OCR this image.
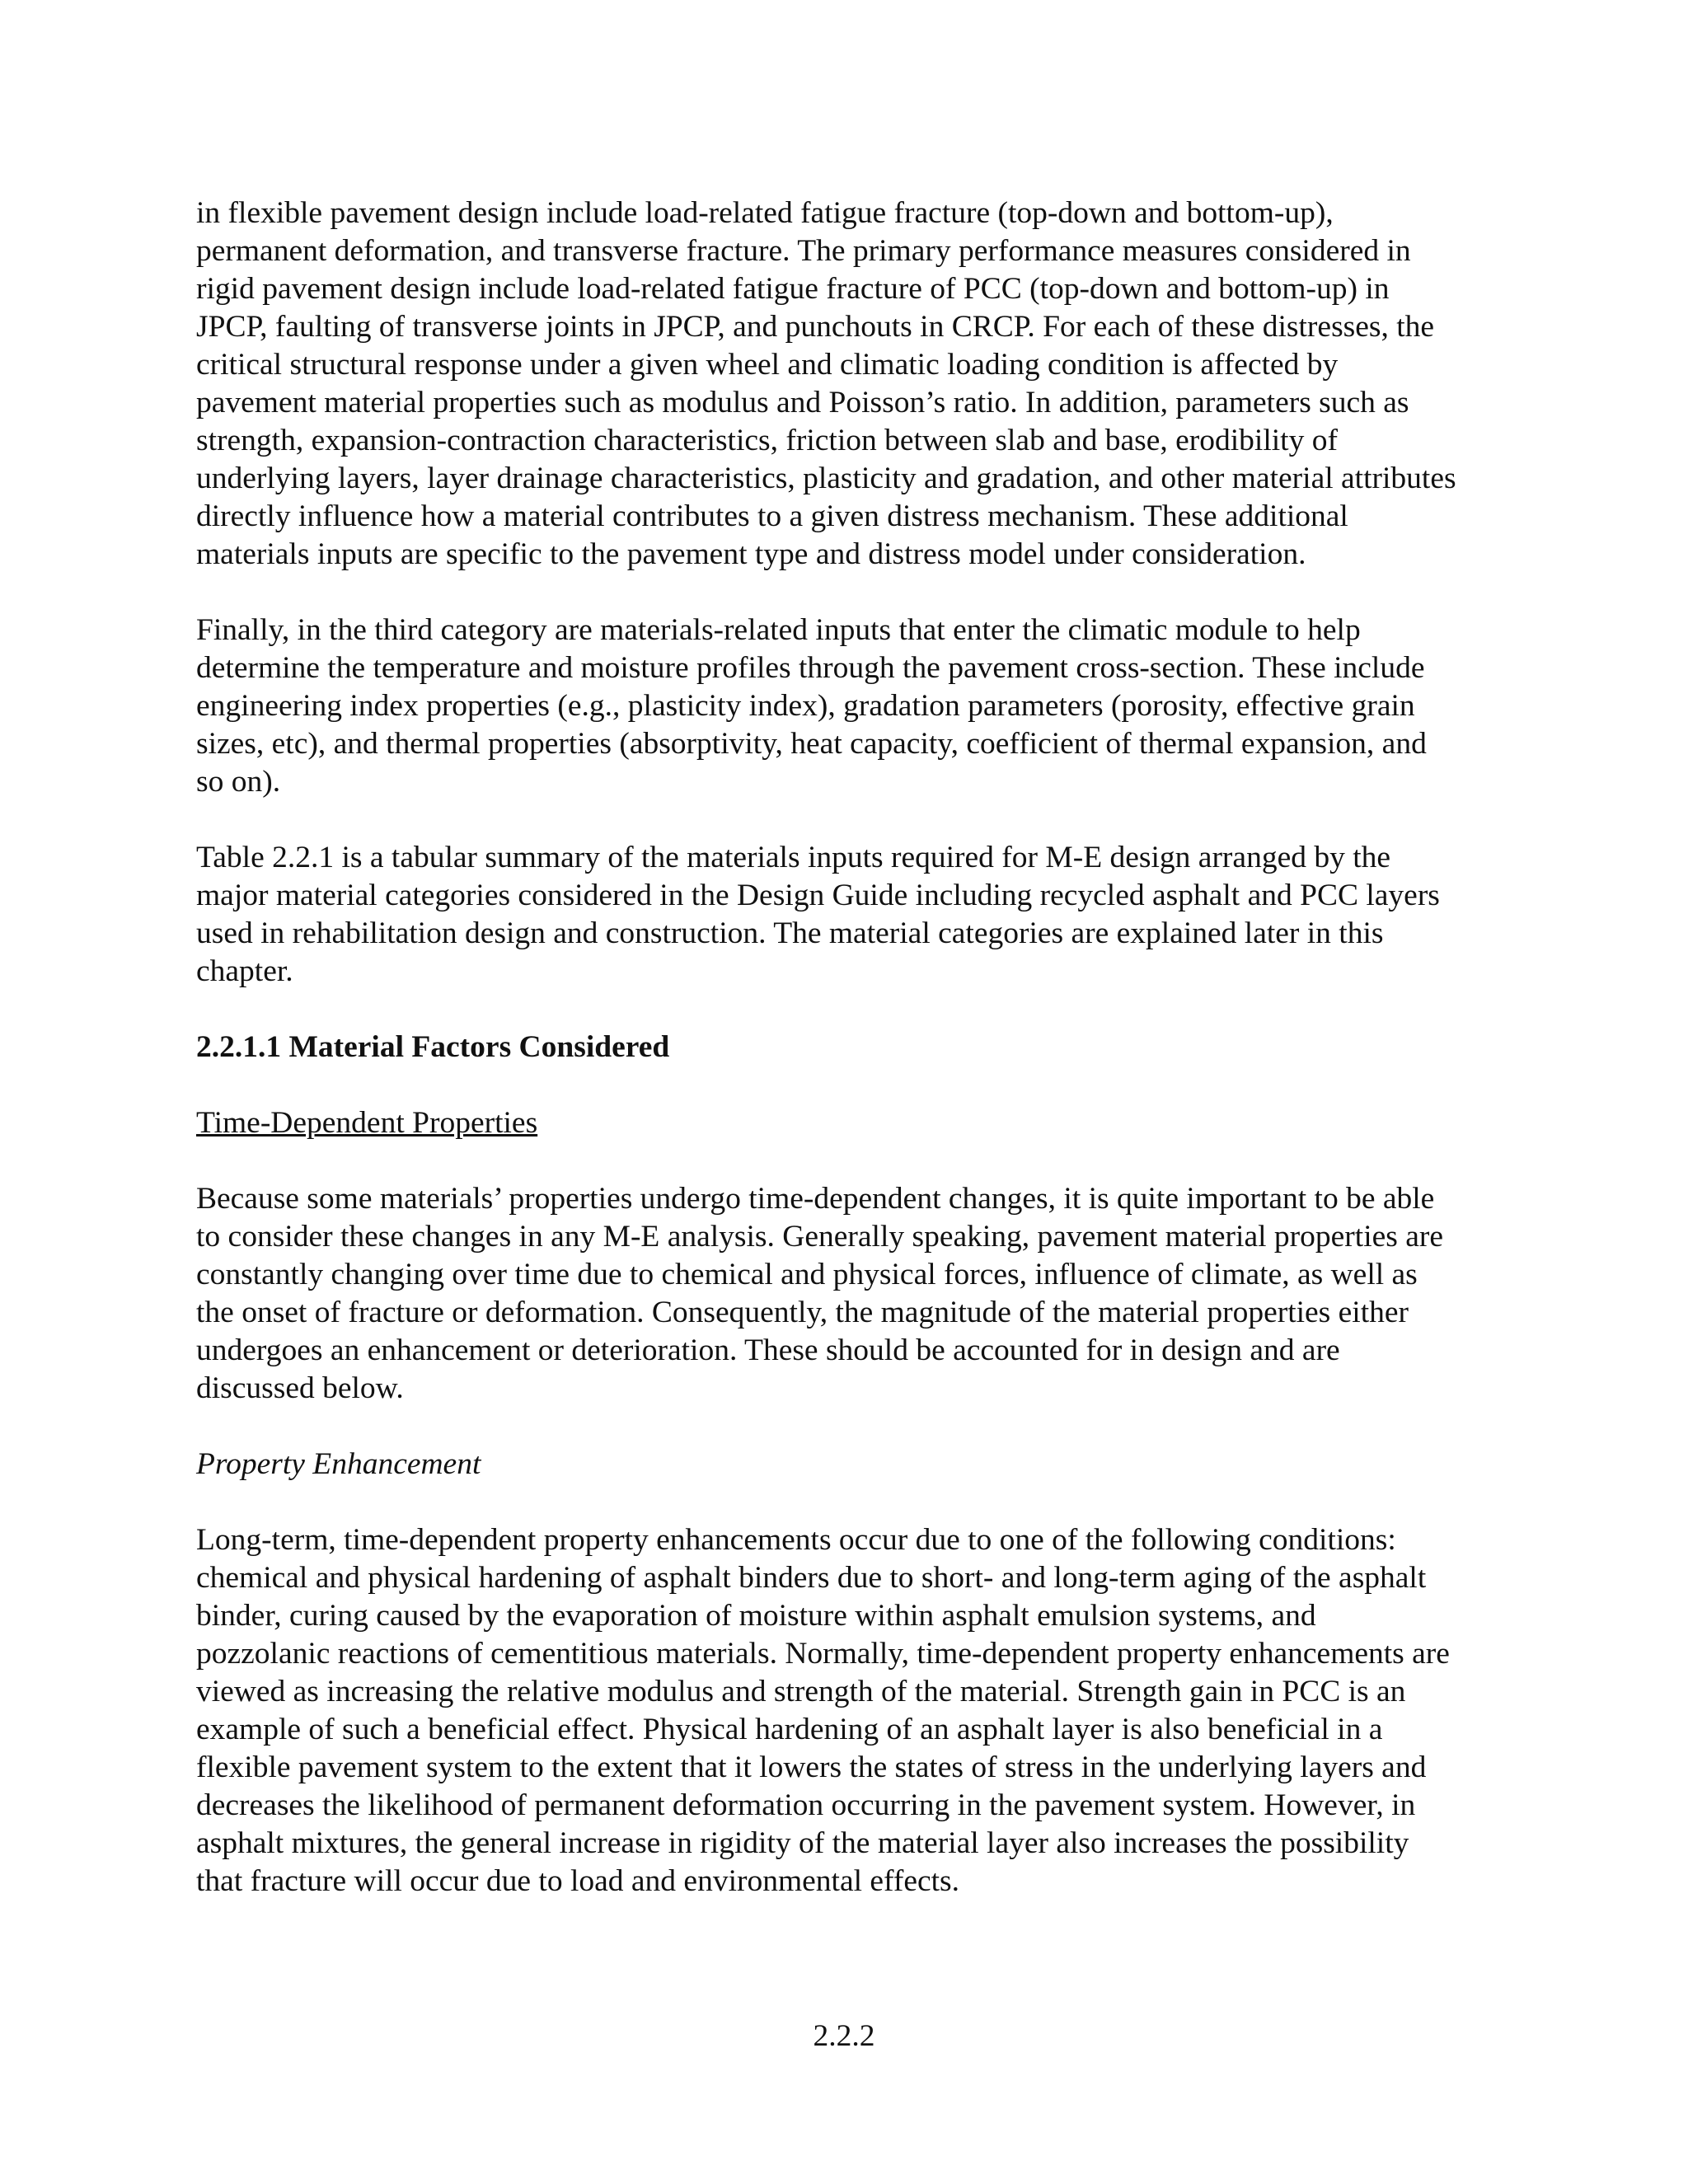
in flexible pavement design include load-related fatigue fracture (top-down and bottom-up),
permanent deformation, and transverse fracture. The primary performance measures considered in
rigid pavement design include load-related fatigue fracture of PCC (top-down and bottom-up) in
JPCP, faulting of transverse joints in JPCP, and punchouts in CRCP. For each of these distresses, the
critical structural response under a given wheel and climatic loading condition is affected by
pavement material properties such as modulus and Poisson’s ratio. In addition, parameters such as
strength, expansion-contraction characteristics, friction between slab and base, erodibility of
underlying layers, layer drainage characteristics, plasticity and gradation, and other material attributes
directly influence how a material contributes to a given distress mechanism. These additional
materials inputs are specific to the pavement type and distress model under consideration.

Finally, in the third category are materials-related inputs that enter the climatic module to help
determine the temperature and moisture profiles through the pavement cross-section. These include
engineering index properties (e.g., plasticity index), gradation parameters (porosity, effective grain
sizes, etc), and thermal properties (absorptivity, heat capacity, coefficient of thermal expansion, and
so on).

Table 2.2.1 is a tabular summary of the materials inputs required for M-E design arranged by the
major material categories considered in the Design Guide including recycled asphalt and PCC layers
used in rehabilitation design and construction. The material categories are explained later in this
chapter.

2.2.1.1 Material Factors Considered
Time-Dependent Properties

Because some materials’ properties undergo time-dependent changes, it is quite important to be able
to consider these changes in any M-E analysis. Generally speaking, pavement material properties are
constantly changing over time due to chemical and physical forces, influence of climate, as well as
the onset of fracture or deformation. Consequently, the magnitude of the material properties either
undergoes an enhancement or deterioration. These should be accounted for in design and are
discussed below.

Property Enhancement

Long-term, time-dependent property enhancements occur due to one of the following conditions:
chemical and physical hardening of asphalt binders due to short- and long-term aging of the asphalt
binder, curing caused by the evaporation of moisture within asphalt emulsion systems, and
pozzolanic reactions of cementitious materials. Normally, time-dependent property enhancements are
viewed as increasing the relative modulus and strength of the material. Strength gain in PCC is an
example of such a beneficial effect. Physical hardening of an asphalt layer is also beneficial in a
flexible pavement system to the extent that it lowers the states of stress in the underlying layers and
decreases the likelihood of permanent deformation occurring in the pavement system. However, in
asphalt mixtures, the general increase in rigidity of the material layer also increases the possibility
that fracture will occur due to load and environmental effects.

2.2.2
